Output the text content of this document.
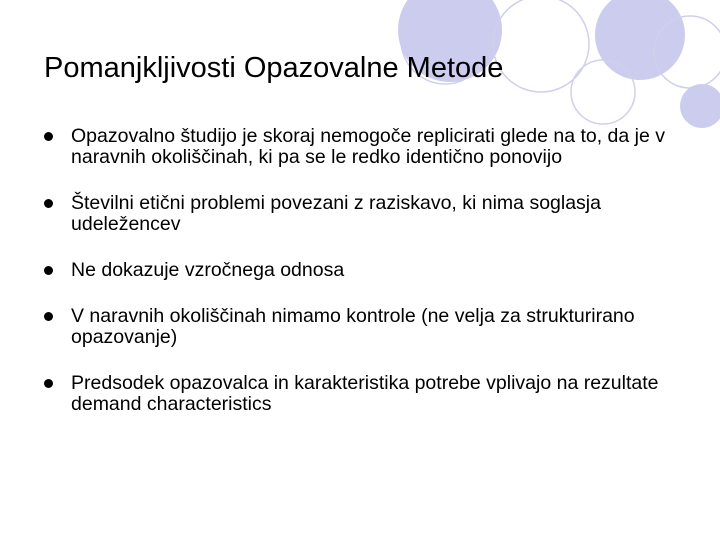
Pomanjkljivosti Opazovalne Metode
Opazovalno študijo je skoraj nemogoče replicirati glede na to, da je v naravnih okoliščinah, ki pa se le redko identično ponovijo
Številni etični problemi povezani z raziskavo, ki nima soglasja udeležencev
Ne dokazuje vzročnega odnosa
V naravnih okoliščinah nimamo kontrole (ne velja za strukturirano opazovanje)
Predsodek opazovalca in karakteristika potrebe vplivajo na rezultate demand characteristics
